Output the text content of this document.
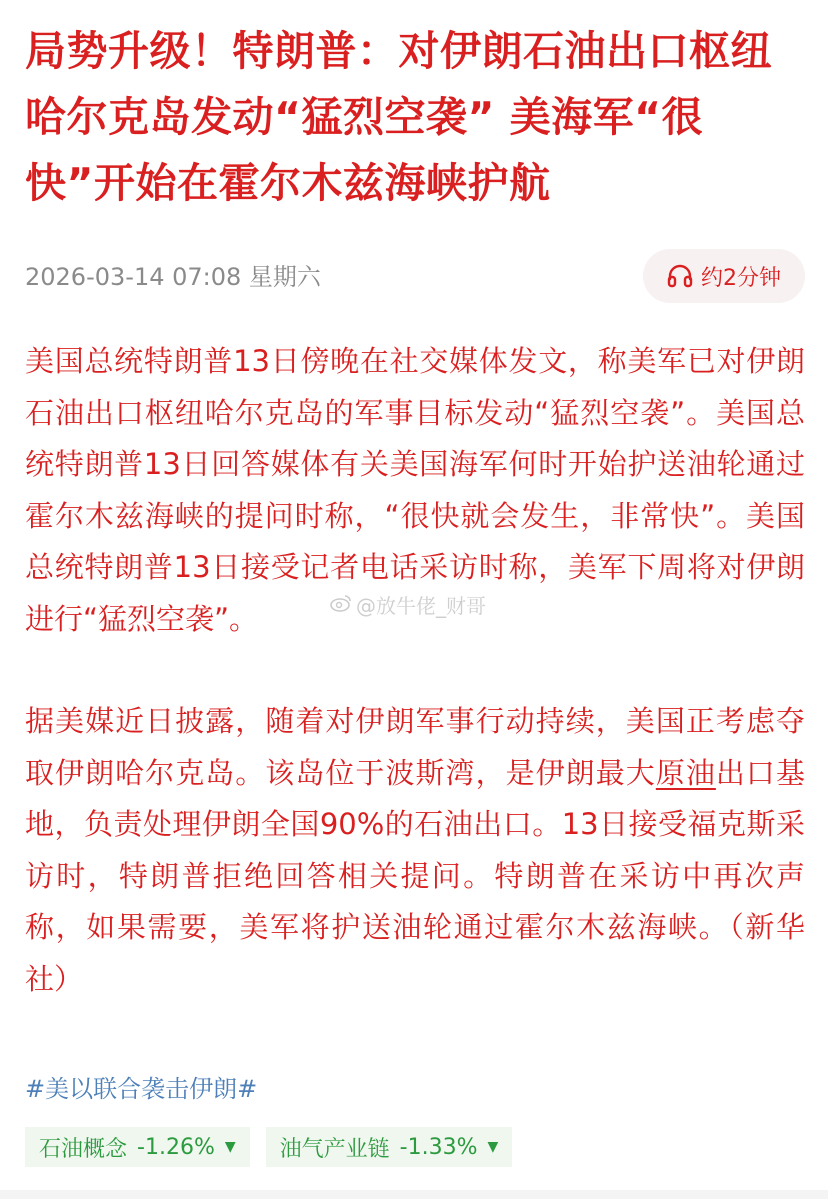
局势升级！特朗普：对伊朗石油出口枢纽哈尔克岛发动“猛烈空袭” 美海军“很快”开始在霍尔木兹海峡护航
2026-03-14 07:08 星期六	约2分钟

美国总统特朗普13日傍晚在社交媒体发文，称美军已对伊朗石油出口枢纽哈尔克岛的军事目标发动“猛烈空袭”。美国总统特朗普13日回答媒体有关美国海军何时开始护送油轮通过霍尔木兹海峡的提问时称，“很快就会发生，非常快”。美国总统特朗普13日接受记者电话采访时称，美军下周将对伊朗进行“猛烈空袭”。

据美媒近日披露，随着对伊朗军事行动持续，美国正考虑夺取伊朗哈尔克岛。该岛位于波斯湾，是伊朗最大原油出口基地，负责处理伊朗全国90%的石油出口。13日接受福克斯采访时，特朗普拒绝回答相关提问。特朗普在采访中再次声称，如果需要，美军将护送油轮通过霍尔木兹海峡。（新华社）

#美以联合袭击伊朗#
石油概念 -1.26% ▼ 油气产业链 -1.33% ▼
@放牛佬_财哥
